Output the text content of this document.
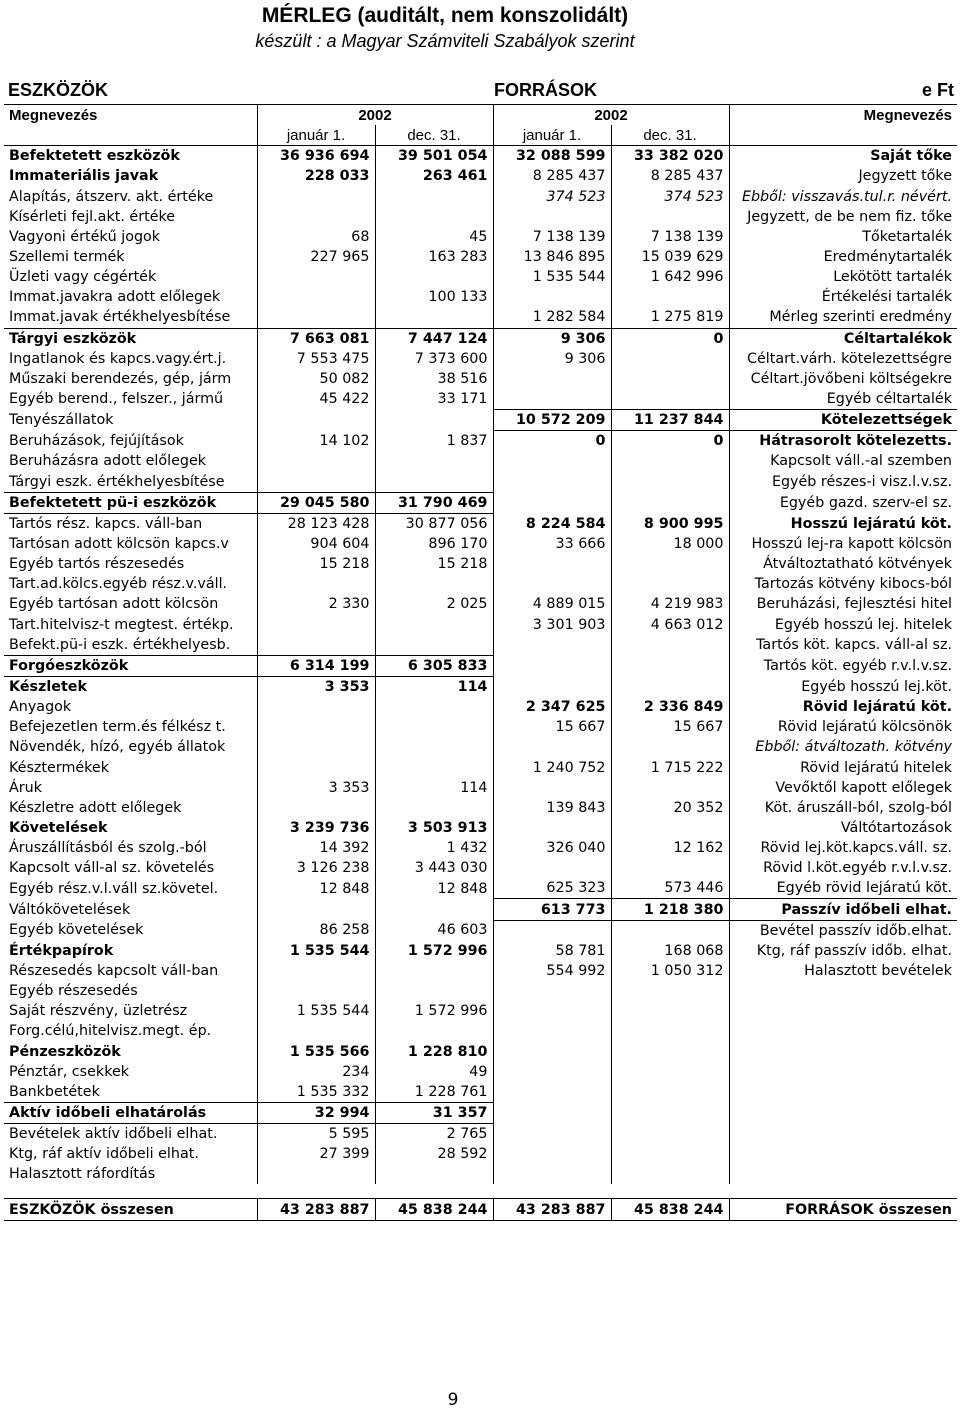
MÉRLEG (auditált, nem konszolidált)
készült : a Magyar Számviteli Szabályok szerint
ESZKÖZÖK	FORRÁSOK	e Ft
Megnevezés	2002		2002		Megnevezés
	január 1.	dec. 31.	január 1.	dec. 31.	
Befektetett eszközök	36 936 694	39 501 054	32 088 599	33 382 020	Saját tőke
Immateriális javak	228 033	263 461	8 285 437	8 285 437	Jegyzett tőke
Alapítás, átszerv. akt. értéke			374 523	374 523	Ebből: visszavás.tul.r. névért.
Kísérleti fejl.akt. értéke					Jegyzett, de be nem fiz. tőke
Vagyoni értékű jogok	68	45	7 138 139	7 138 139	Tőketartalék
Szellemi termék	227 965	163 283	13 846 895	15 039 629	Eredménytartalék
Üzleti vagy cégérték			1 535 544	1 642 996	Lekötött tartalék
Immat.javakra adott előlegek		100 133			Értékelési tartalék
Immat.javak értékhelyesbítése			1 282 584	1 275 819	Mérleg szerinti eredmény
Tárgyi eszközök	7 663 081	7 447 124	9 306	0	Céltartalékok
Ingatlanok és kapcs.vagy.ért.j.	7 553 475	7 373 600	9 306		Céltart.várh. kötelezettségre
Műszaki berendezés, gép, járm	50 082	38 516			Céltart.jövőbeni költségekre
Egyéb berend., felszer., jármű	45 422	33 171			Egyéb céltartalék
Tenyészállatok			10 572 209	11 237 844	Kötelezettségek
Beruházások, fejújítások	14 102	1 837	0	0	Hátrasorolt kötelezetts.
Beruházásra adott előlegek					Kapcsolt váll.-al szemben
Tárgyi eszk. értékhelyesbítése					Egyéb részes-i visz.l.v.sz.
Befektetett pü-i eszközök	29 045 580	31 790 469			Egyéb gazd. szerv-el sz.
Tartós rész. kapcs. váll-ban	28 123 428	30 877 056	8 224 584	8 900 995	Hosszú lejáratú köt.
Tartósan adott kölcsön kapcs.v	904 604	896 170	33 666	18 000	Hosszú lej-ra kapott kölcsön
Egyéb tartós részesedés	15 218	15 218			Átváltoztatható kötvények
Tart.ad.kölcs.egyéb rész.v.váll.					Tartozás kötvény kibocs-ból
Egyéb tartósan adott kölcsön	2 330	2 025	4 889 015	4 219 983	Beruházási, fejlesztési hitel
Tart.hitelvisz-t megtest. értékp.			3 301 903	4 663 012	Egyéb hosszú lej. hitelek
Befekt.pü-i eszk. értékhelyesb.					Tartós köt. kapcs. váll-al sz.
Forgóeszközök	6 314 199	6 305 833			Tartós köt. egyéb r.v.l.v.sz.
Készletek	3 353	114			Egyéb hosszú lej.köt.
Anyagok			2 347 625	2 336 849	Rövid lejáratú köt.
Befejezetlen term.és félkész t.			15 667	15 667	Rövid lejáratú kölcsönök
Növendék, hízó, egyéb állatok					Ebből: átváltozath. kötvény
Késztermékek			1 240 752	1 715 222	Rövid lejáratú hitelek
Áruk	3 353	114			Vevőktől kapott előlegek
Készletre adott előlegek			139 843	20 352	Köt. áruszáll-ból, szolg-ból
Követelések	3 239 736	3 503 913			Váltótartozások
Áruszállításból és szolg.-ból	14 392	1 432	326 040	12 162	Rövid lej.köt.kapcs.váll. sz.
Kapcsolt váll-al sz. követelés	3 126 238	3 443 030			Rövid l.köt.egyéb r.v.l.v.sz.
Egyéb rész.v.l.váll sz.követel.	12 848	12 848	625 323	573 446	Egyéb rövid lejáratú köt.
Váltókövetelések			613 773	1 218 380	Passzív időbeli elhat.
Egyéb követelések	86 258	46 603			Bevétel passzív időb.elhat.
Értékpapírok	1 535 544	1 572 996	58 781	168 068	Ktg, ráf passzív időb. elhat.
Részesedés kapcsolt váll-ban			554 992	1 050 312	Halasztott bevételek
Egyéb részesedés					
Saját részvény, üzletrész	1 535 544	1 572 996			
Forg.célú,hitelvisz.megt. ép.					
Pénzeszközök	1 535 566	1 228 810			
Pénztár, csekkek	234	49			
Bankbetétek	1 535 332	1 228 761			
Aktív időbeli elhatárolás	32 994	31 357			
Bevételek aktív időbeli elhat.	5 595	2 765			
Ktg, ráf aktív időbeli elhat.	27 399	28 592			
Halasztott ráfordítás					

ESZKÖZÖK összesen	43 283 887	45 838 244	43 283 887	45 838 244	FORRÁSOK összesen
9
